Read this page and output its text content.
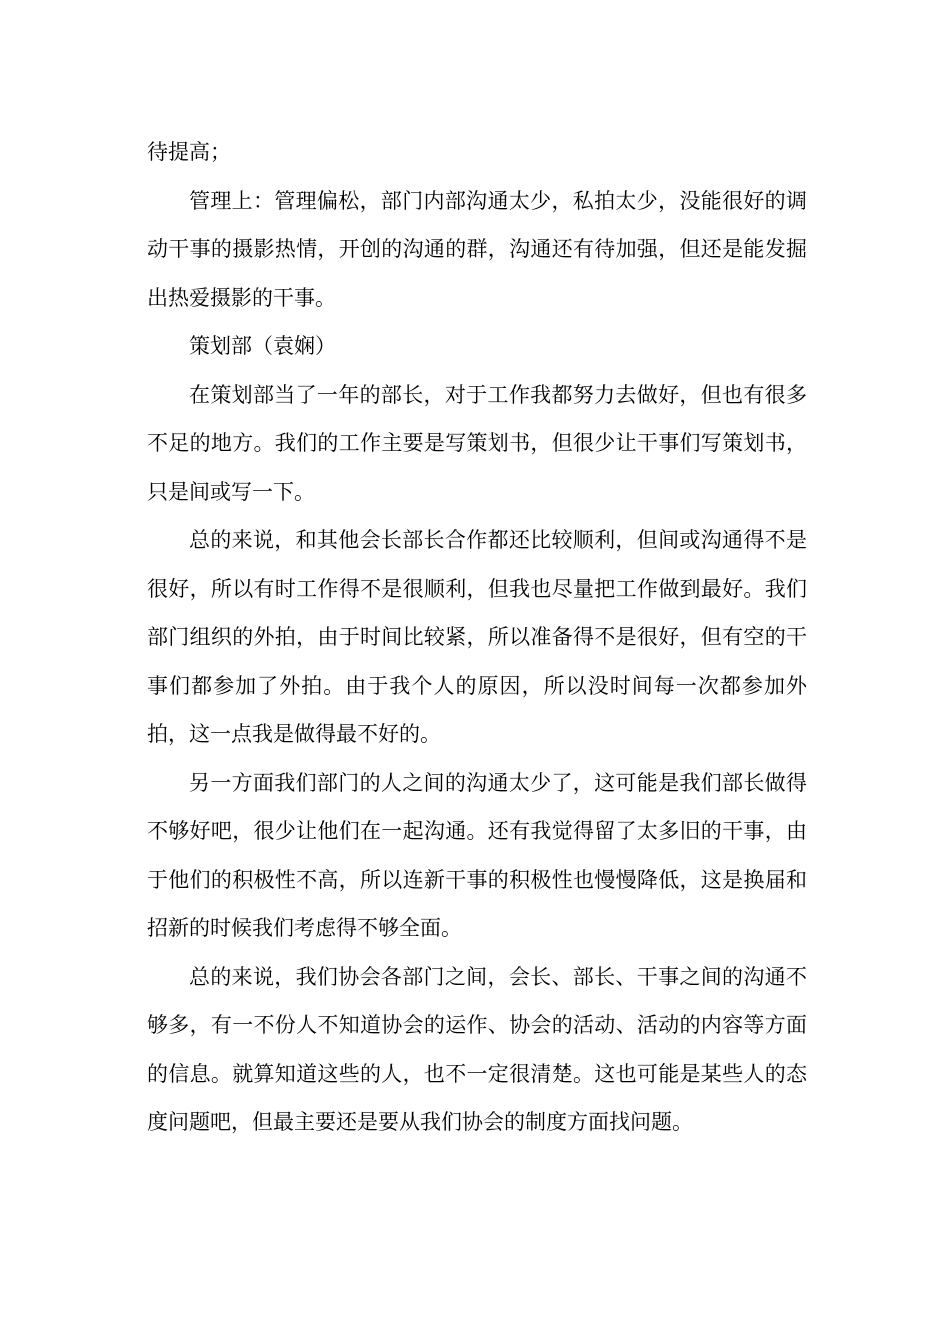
待提高；

管理上：管理偏松，部门内部沟通太少，私拍太少，没能很好的调动干事的摄影热情，开创的沟通的群，沟通还有待加强，但还是能发掘出热爱摄影的干事。

策划部（袁娴）

在策划部当了一年的部长，对于工作我都努力去做好，但也有很多不足的地方。我们的工作主要是写策划书，但很少让干事们写策划书，只是间或写一下。

总的来说，和其他会长部长合作都还比较顺利，但间或沟通得不是很好，所以有时工作得不是很顺利，但我也尽量把工作做到最好。我们部门组织的外拍，由于时间比较紧，所以准备得不是很好，但有空的干事们都参加了外拍。由于我个人的原因，所以没时间每一次都参加外拍，这一点我是做得最不好的。

另一方面我们部门的人之间的沟通太少了，这可能是我们部长做得不够好吧，很少让他们在一起沟通。还有我觉得留了太多旧的干事，由于他们的积极性不高，所以连新干事的积极性也慢慢降低，这是换届和招新的时候我们考虑得不够全面。

总的来说，我们协会各部门之间，会长、部长、干事之间的沟通不够多，有一不份人不知道协会的运作、协会的活动、活动的内容等方面的信息。就算知道这些的人，也不一定很清楚。这也可能是某些人的态度问题吧，但最主要还是要从我们协会的制度方面找问题。
